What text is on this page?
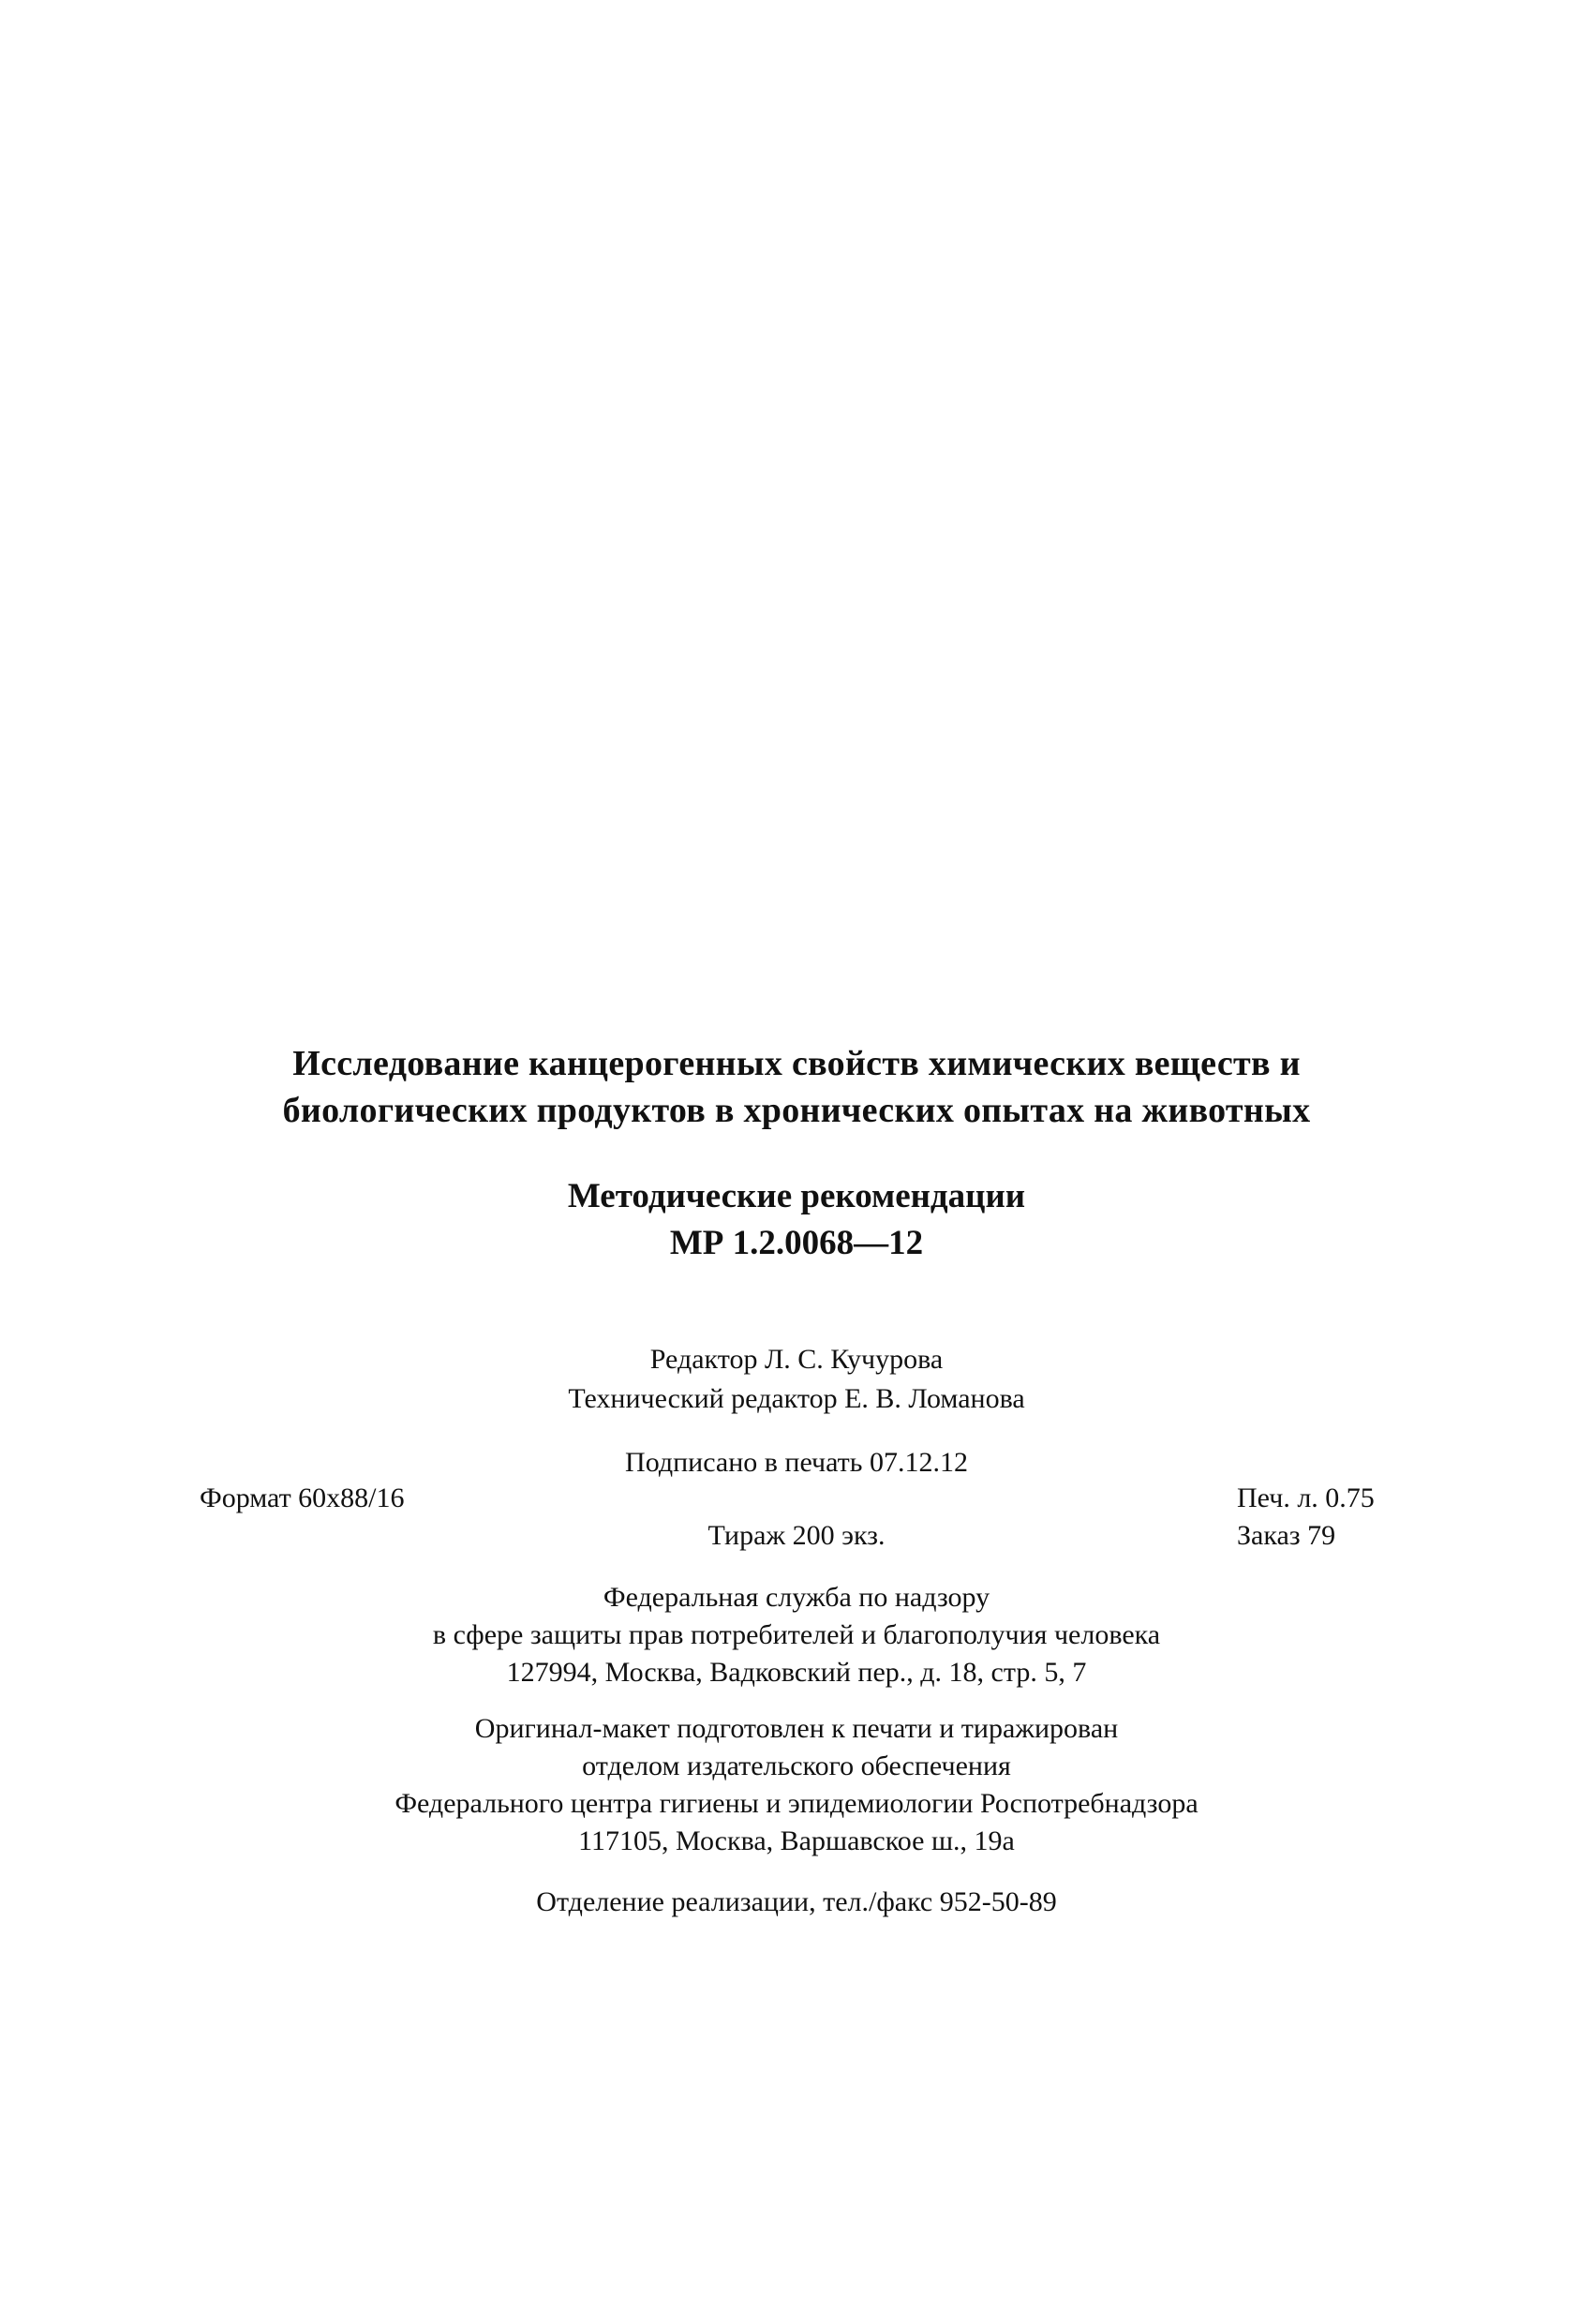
Исследование канцерогенных свойств химических веществ и
биологических продуктов в хронических опытах на животных
Методические рекомендации
МР 1.2.0068—12
Редактор Л. С. Кучурова
Технический редактор Е. В. Ломанова
Подписано в печать 07.12.12
Формат 60x88/16	Печ. л. 0.75
Тираж 200 экз.	Заказ 79
Федеральная служба по надзору
в сфере защиты прав потребителей и благополучия человека
127994, Москва, Вадковский пер., д. 18, стр. 5, 7
Оригинал-макет подготовлен к печати и тиражирован
отделом издательского обеспечения
Федерального центра гигиены и эпидемиологии Роспотребнадзора
117105, Москва, Варшавское ш., 19а
Отделение реализации, тел./факс 952-50-89
